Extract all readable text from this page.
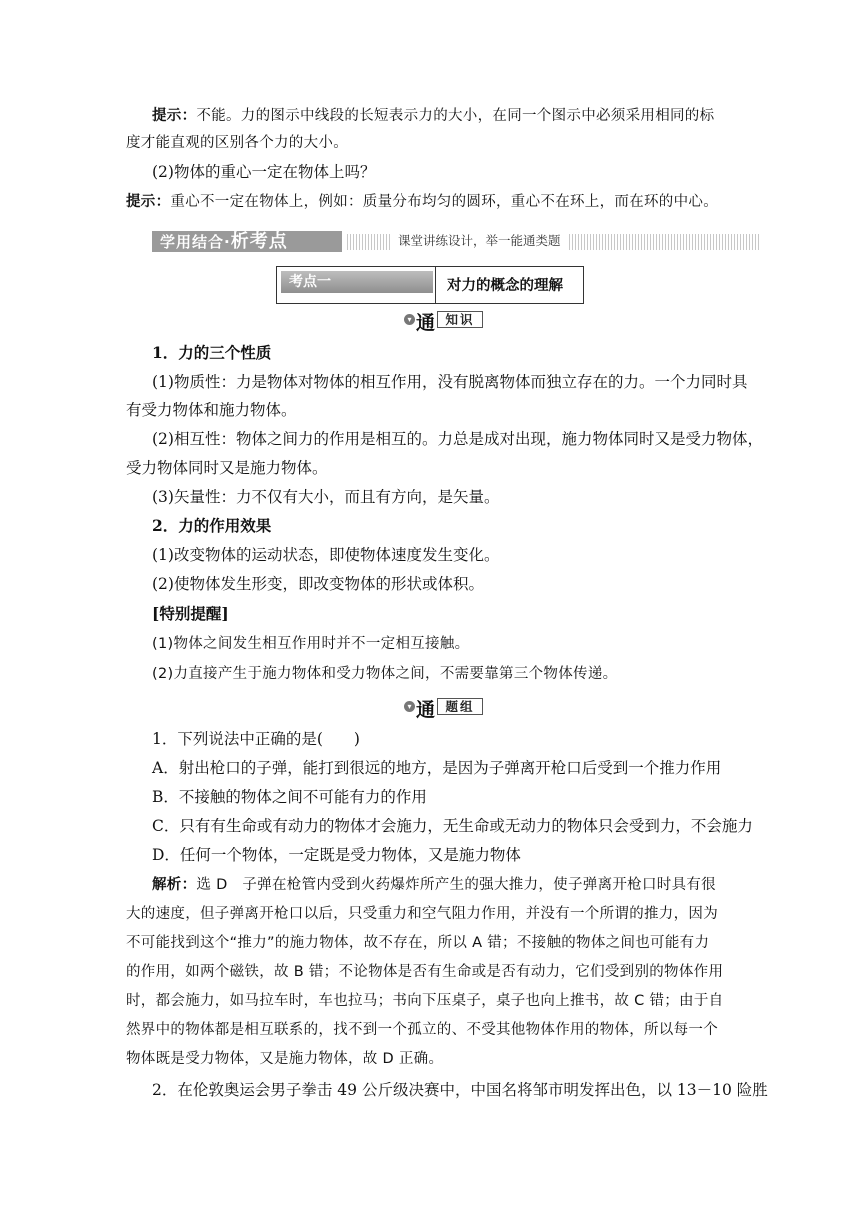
提示：不能。力的图示中线段的长短表示力的大小，在同一个图示中必须采用相同的标
度才能直观的区别各个力的大小。
(2)物体的重心一定在物体上吗？
提示：重心不一定在物体上，例如：质量分布均匀的圆环，重心不在环上，而在环的中心。
学用结合·析考点	课堂讲练设计，举一能通类题
考点一	对力的概念的理解
▾ 通 知识
1．力的三个性质
(1)物质性：力是物体对物体的相互作用，没有脱离物体而独立存在的力。一个力同时具
有受力物体和施力物体。
(2)相互性：物体之间力的作用是相互的。力总是成对出现，施力物体同时又是受力物体，
受力物体同时又是施力物体。
(3)矢量性：力不仅有大小，而且有方向，是矢量。
2．力的作用效果
(1)改变物体的运动状态，即使物体速度发生变化。
(2)使物体发生形变，即改变物体的形状或体积。
[特别提醒]
(1)物体之间发生相互作用时并不一定相互接触。
(2)力直接产生于施力物体和受力物体之间，不需要靠第三个物体传递。
▾ 通 题组
1．下列说法中正确的是(　　)
A．射出枪口的子弹，能打到很远的地方，是因为子弹离开枪口后受到一个推力作用
B．不接触的物体之间不可能有力的作用
C．只有有生命或有动力的物体才会施力，无生命或无动力的物体只会受到力，不会施力
D．任何一个物体，一定既是受力物体，又是施力物体
解析：选 D　子弹在枪管内受到火药爆炸所产生的强大推力，使子弹离开枪口时具有很
大的速度，但子弹离开枪口以后，只受重力和空气阻力作用，并没有一个所谓的推力，因为
不可能找到这个“推力”的施力物体，故不存在，所以 A 错；不接触的物体之间也可能有力
的作用，如两个磁铁，故 B 错；不论物体是否有生命或是否有动力，它们受到别的物体作用
时，都会施力，如马拉车时，车也拉马；书向下压桌子，桌子也向上推书，故 C 错；由于自
然界中的物体都是相互联系的，找不到一个孤立的、不受其他物体作用的物体，所以每一个
物体既是受力物体，又是施力物体，故 D 正确。
2．在伦敦奥运会男子拳击 49 公斤级决赛中，中国名将邹市明发挥出色，以 13－10 险胜
